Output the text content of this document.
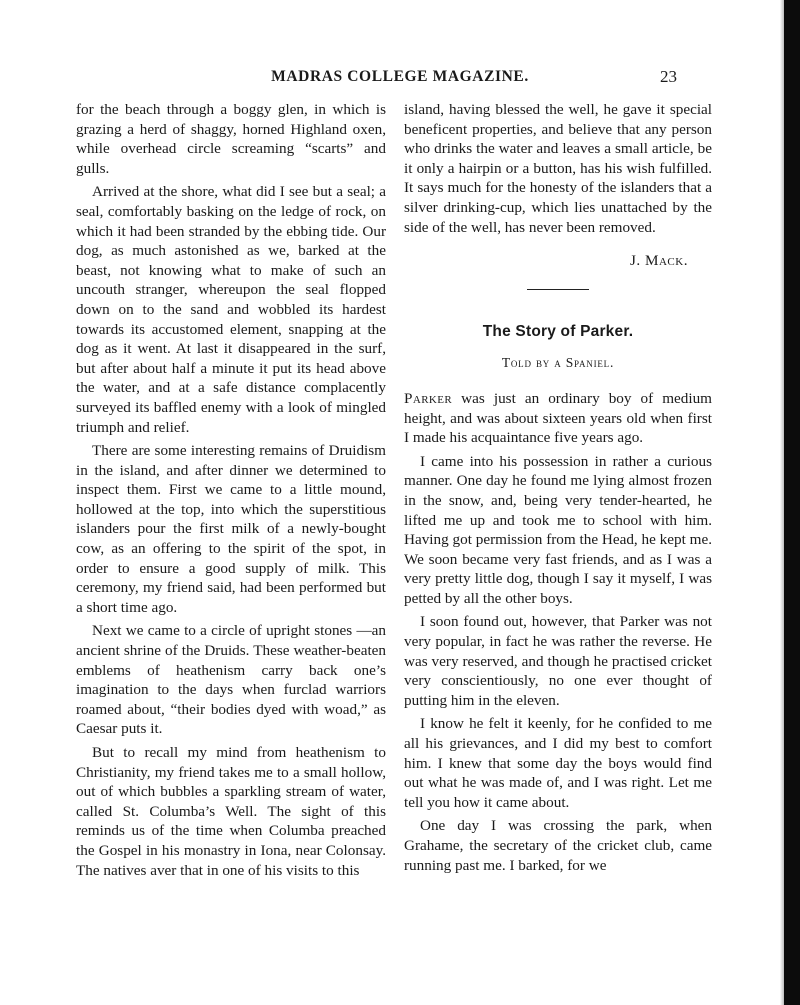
MADRAS COLLEGE MAGAZINE.	23

for the beach through a boggy glen, in which is grazing a herd of shaggy, horned Highland oxen, while overhead circle screaming “scarts” and gulls.

Arrived at the shore, what did I see but a seal; a seal, comfortably basking on the ledge of rock, on which it had been stranded by the ebbing tide. Our dog, as much astonished as we, barked at the beast, not knowing what to make of such an uncouth stranger, whereupon the seal flopped down on to the sand and wobbled its hardest towards its accustomed element, snapping at the dog as it went. At last it disappeared in the surf, but after about half a minute it put its head above the water, and at a safe distance complacently surveyed its baffled enemy with a look of mingled triumph and relief.

There are some interesting remains of Druidism in the island, and after dinner we determined to inspect them. First we came to a little mound, hollowed at the top, into which the superstitious islanders pour the first milk of a newly-bought cow, as an offering to the spirit of the spot, in order to ensure a good supply of milk. This ceremony, my friend said, had been performed but a short time ago.

Next we came to a circle of upright stones —an ancient shrine of the Druids. These weather-beaten emblems of heathenism carry back one’s imagination to the days when furclad warriors roamed about, “their bodies dyed with woad,” as Caesar puts it.

But to recall my mind from heathenism to Christianity, my friend takes me to a small hollow, out of which bubbles a sparkling stream of water, called St. Columba’s Well. The sight of this reminds us of the time when Columba preached the Gospel in his monastry in Iona, near Colonsay. The natives aver that in one of his visits to this

island, having blessed the well, he gave it special beneficent properties, and believe that any person who drinks the water and leaves a small article, be it only a hairpin or a button, has his wish fulfilled. It says much for the honesty of the islanders that a silver drinking-cup, which lies unattached by the side of the well, has never been removed.

J. Mack.
The Story of Parker.
Told by a Spaniel.

Parker was just an ordinary boy of medium height, and was about sixteen years old when first I made his acquaintance five years ago.

I came into his possession in rather a curious manner. One day he found me lying almost frozen in the snow, and, being very tender-hearted, he lifted me up and took me to school with him. Having got permission from the Head, he kept me. We soon became very fast friends, and as I was a very pretty little dog, though I say it myself, I was petted by all the other boys.

I soon found out, however, that Parker was not very popular, in fact he was rather the reverse. He was very reserved, and though he practised cricket very conscientiously, no one ever thought of putting him in the eleven.

I know he felt it keenly, for he confided to me all his grievances, and I did my best to comfort him. I knew that some day the boys would find out what he was made of, and I was right. Let me tell you how it came about.

One day I was crossing the park, when Grahame, the secretary of the cricket club, came running past me. I barked, for we
